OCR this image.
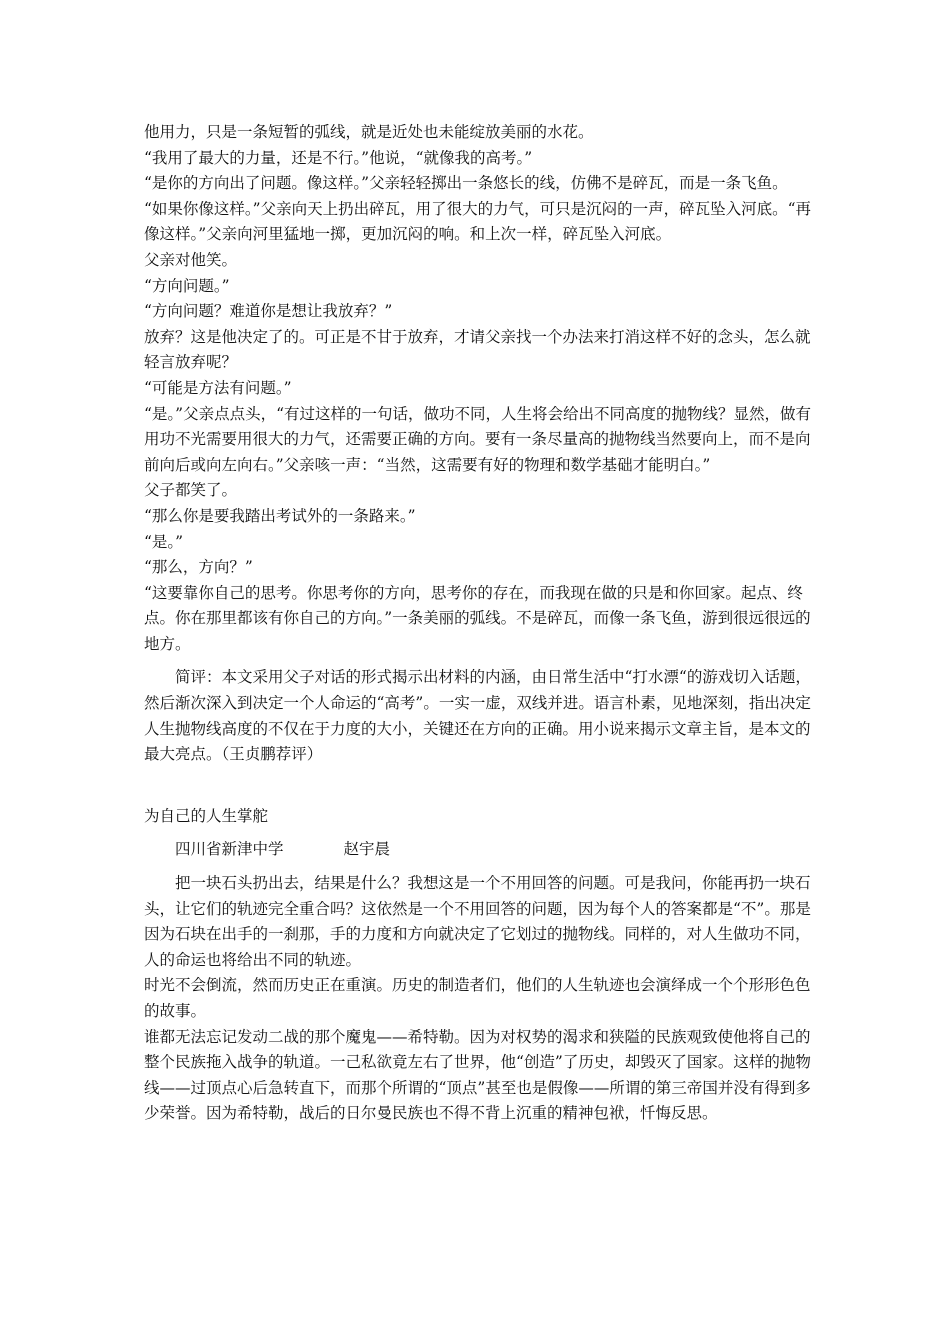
他用力，只是一条短暂的弧线，就是近处也未能绽放美丽的水花。

“我用了最大的力量，还是不行。”他说，“就像我的高考。”

“是你的方向出了问题。像这样。”父亲轻轻掷出一条悠长的线，仿佛不是碎瓦，而是一条飞鱼。

“如果你像这样。”父亲向天上扔出碎瓦，用了很大的力气，可只是沉闷的一声，碎瓦坠入河底。“再像这样。”父亲向河里猛地一掷，更加沉闷的响。和上次一样，碎瓦坠入河底。

父亲对他笑。

“方向问题。”

“方向问题？难道你是想让我放弃？”

放弃？这是他决定了的。可正是不甘于放弃，才请父亲找一个办法来打消这样不好的念头，怎么就轻言放弃呢？

“可能是方法有问题。”

“是。”父亲点点头，“有过这样的一句话，做功不同，人生将会给出不同高度的抛物线？显然，做有用功不光需要用很大的力气，还需要正确的方向。要有一条尽量高的抛物线当然要向上，而不是向前向后或向左向右。”父亲咳一声：“当然，这需要有好的物理和数学基础才能明白。”

父子都笑了。

“那么你是要我踏出考试外的一条路来。”

“是。”

“那么，方向？”

“这要靠你自己的思考。你思考你的方向，思考你的存在，而我现在做的只是和你回家。起点、终点。你在那里都该有你自己的方向。”一条美丽的弧线。不是碎瓦，而像一条飞鱼，游到很远很远的地方。

简评：本文采用父子对话的形式揭示出材料的内涵，由日常生活中“打水漂“的游戏切入话题，然后渐次深入到决定一个人命运的“高考”。一实一虚，双线并进。语言朴素，见地深刻，指出决定人生抛物线高度的不仅在于力度的大小，关键还在方向的正确。用小说来揭示文章主旨，是本文的最大亮点。（王贞鹏荐评）

为自己的人生掌舵

四川省新津中学	赵宇晨

把一块石头扔出去，结果是什么？我想这是一个不用回答的问题。可是我问，你能再扔一块石头，让它们的轨迹完全重合吗？这依然是一个不用回答的问题，因为每个人的答案都是“不”。那是因为石块在出手的一刹那，手的力度和方向就决定了它划过的抛物线。同样的，对人生做功不同，人的命运也将给出不同的轨迹。

时光不会倒流，然而历史正在重演。历史的制造者们，他们的人生轨迹也会演绎成一个个形形色色的故事。

谁都无法忘记发动二战的那个魔鬼——希特勒。因为对权势的渴求和狭隘的民族观致使他将自己的整个民族拖入战争的轨道。一己私欲竟左右了世界，他“创造”了历史，却毁灭了国家。这样的抛物线——过顶点心后急转直下，而那个所谓的“顶点”甚至也是假像——所谓的第三帝国并没有得到多少荣誉。因为希特勒，战后的日尔曼民族也不得不背上沉重的精神包袱，忏悔反思。
